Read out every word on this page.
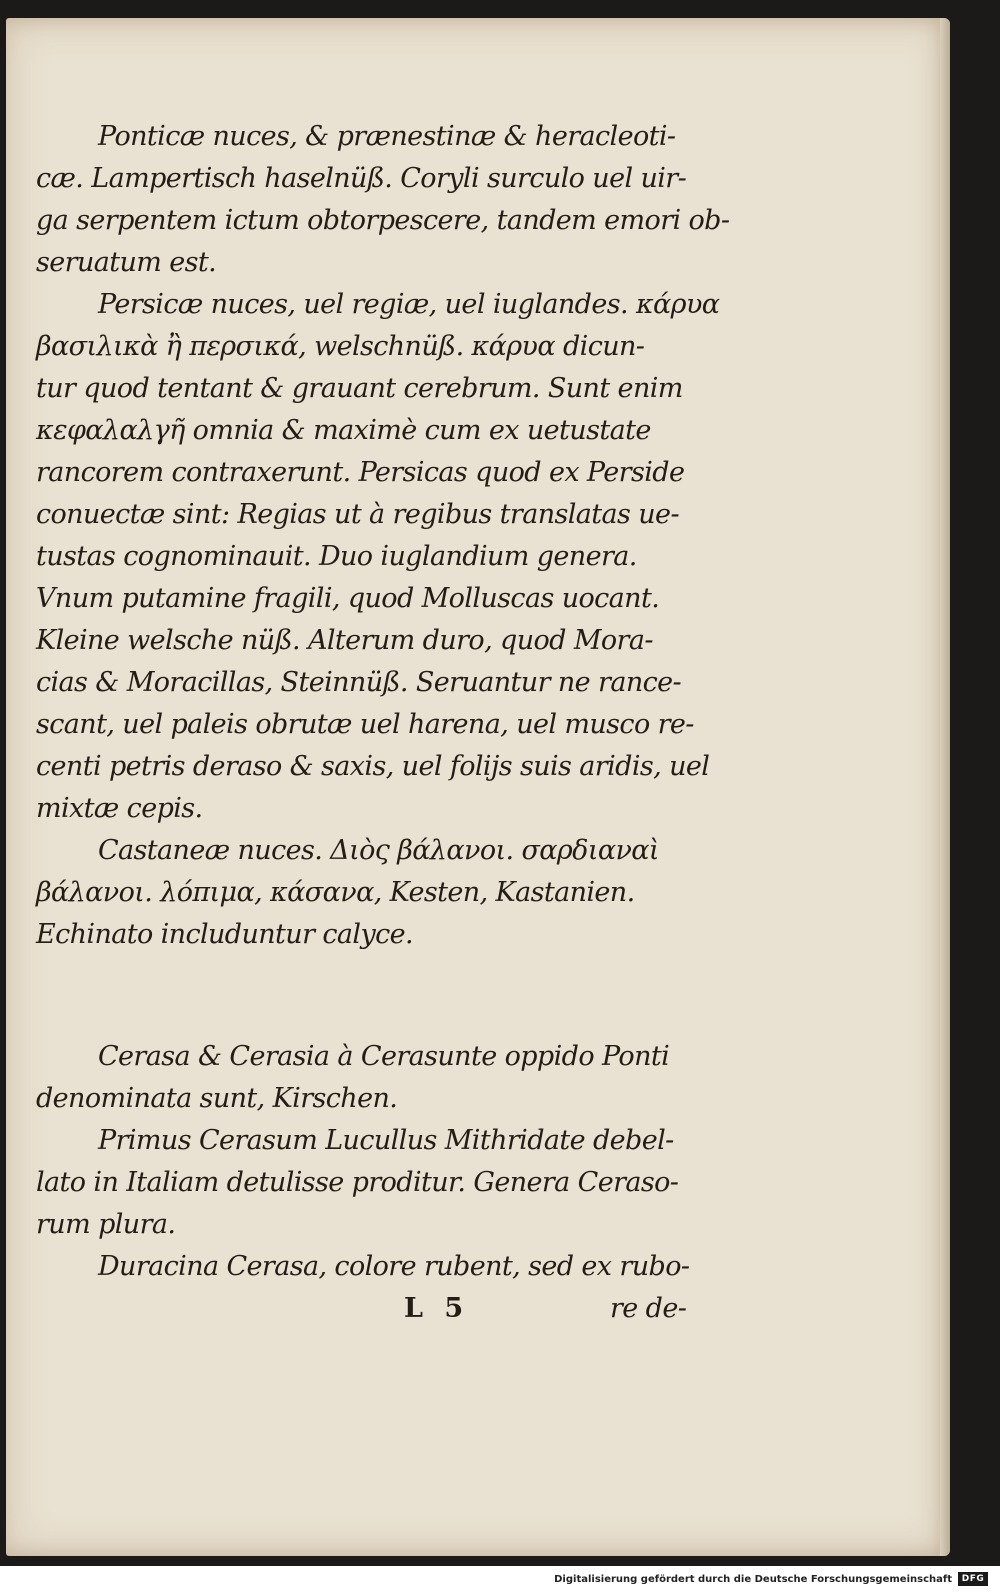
Ponticæ nuces, & prænestinæ & heracleoti-
cæ. Lampertisch haselnüß. Coryli surculo uel uir-
ga serpentem ictum obtorpescere, tandem emori ob-
seruatum est.
Persicæ nuces, uel regiæ, uel iuglandes. κάρυα
βασιλικὰ ἢ περσικά, welschnüß. κάρυα dicun-
tur quod tentant & grauant cerebrum. Sunt enim
κεφαλαλγῆ omnia & maximè cum ex uetustate
rancorem contraxerunt. Persicas quod ex Perside
conuectæ sint: Regias ut à regibus translatas ue-
tustas cognominauit. Duo iuglandium genera.
Vnum putamine fragili, quod Molluscas uocant.
Kleine welsche nüß. Alterum duro, quod Mora-
cias & Moracillas, Steinnüß. Seruantur ne rance-
scant, uel paleis obrutæ uel harena, uel musco re-
centi petris deraso & saxis, uel folijs suis aridis, uel
mixtæ cepis.
Castaneæ nuces. Διὸς βάλανοι. σαρδιαναὶ
βάλανοι. λόπιμα, κάσανα, Kesten, Kastanien.
Echinato includuntur calyce.
Cerasa & Cerasia à Cerasunte oppido Ponti
denominata sunt, Kirschen.
Primus Cerasum Lucullus Mithridate debel-
lato in Italiam detulisse proditur. Genera Ceraso-
rum plura.
Duracina Cerasa, colore rubent, sed ex rubo-
L 5	re de-
Digitalisierung gefördert durch die Deutsche Forschungsgemeinschaft	DFG
